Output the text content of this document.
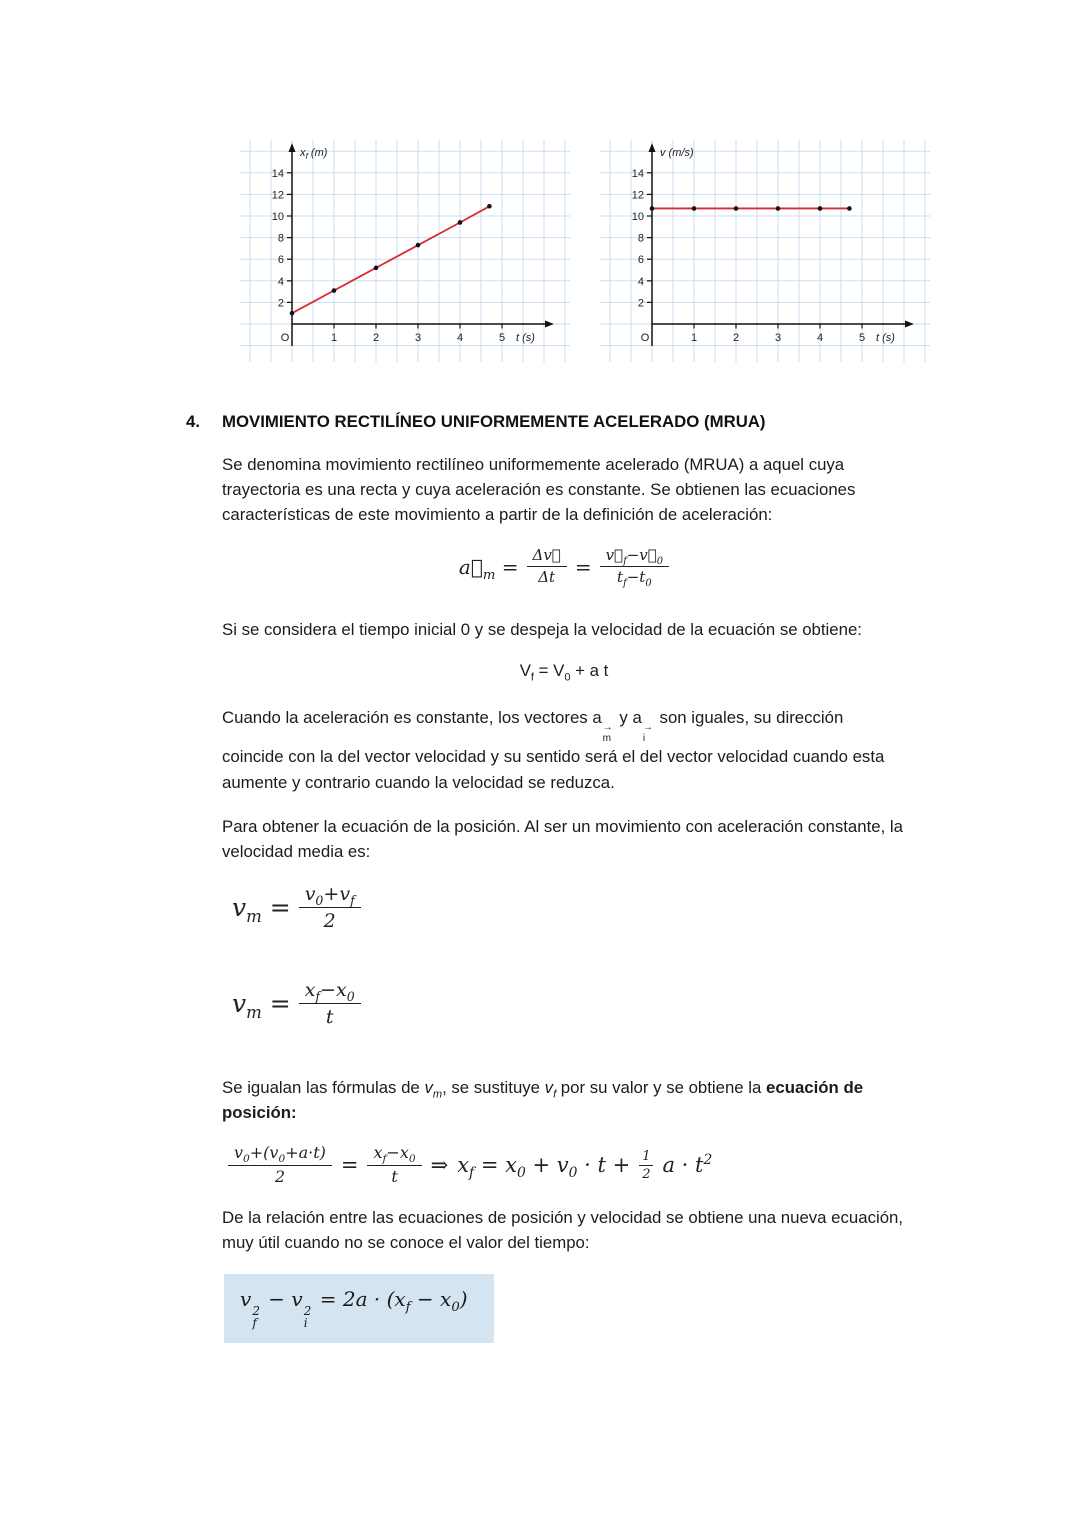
1	2	3	4	5
O
2
4
6
8
10
12
14
$x_f$ (m)
t (s)	1	2	3	4	5
O
2
4
6
8
10
12
14
v (m/s)
t (s)
4.	MOVIMIENTO RECTILÍNEO UNIFORMEMENTE ACELERADO (MRUA)

Se denomina movimiento rectilíneo uniformemente acelerado (MRUA) a aquel cuya trayectoria es una recta y cuya aceleración es constante. Se obtienen las ecuaciones características de este movimiento a partir de la definición de aceleración:

$a⃗_m = \frac{\Delta v⃗}{\Delta t} = \frac{v⃗_f-v⃗_0}{t_f-t_0}$

Si se considera el tiempo inicial 0 y se despeja la velocidad de la ecuación se obtiene:

$V_f = V_0 + a$ t

Cuando la aceleración es constante, los vectores a
→
m
y a
→
i
son iguales, su dirección coincide con la del vector velocidad y su sentido será el del vector velocidad cuando esta aumente y contrario cuando la velocidad se reduzca.

Para obtener la ecuación de la posición. Al ser un movimiento con aceleración constante, la velocidad media es:

$v_m = \frac{v_0+v_f}{2}$
$v_m = \frac{x_f-x_0}{t}$

Se igualan las fórmulas de $v_m$, se sustituye $v_f$ por su valor y se obtiene la ecuación de posición:

$\frac{v_0+(v_0+a\cdot t)}{2} = \frac{x_f-x_0}{t}$ ⇒ $x_f = x_0 + v_0 \cdot t + \frac{1}{2}$ $a \cdot t^2$

De la relación entre las ecuaciones de posición y velocidad se obtiene una nueva ecuación, muy útil cuando no se conoce el valor del tiempo:

v 2
f
− v 2
i
= $2a \cdot (x_f - x_0)$
